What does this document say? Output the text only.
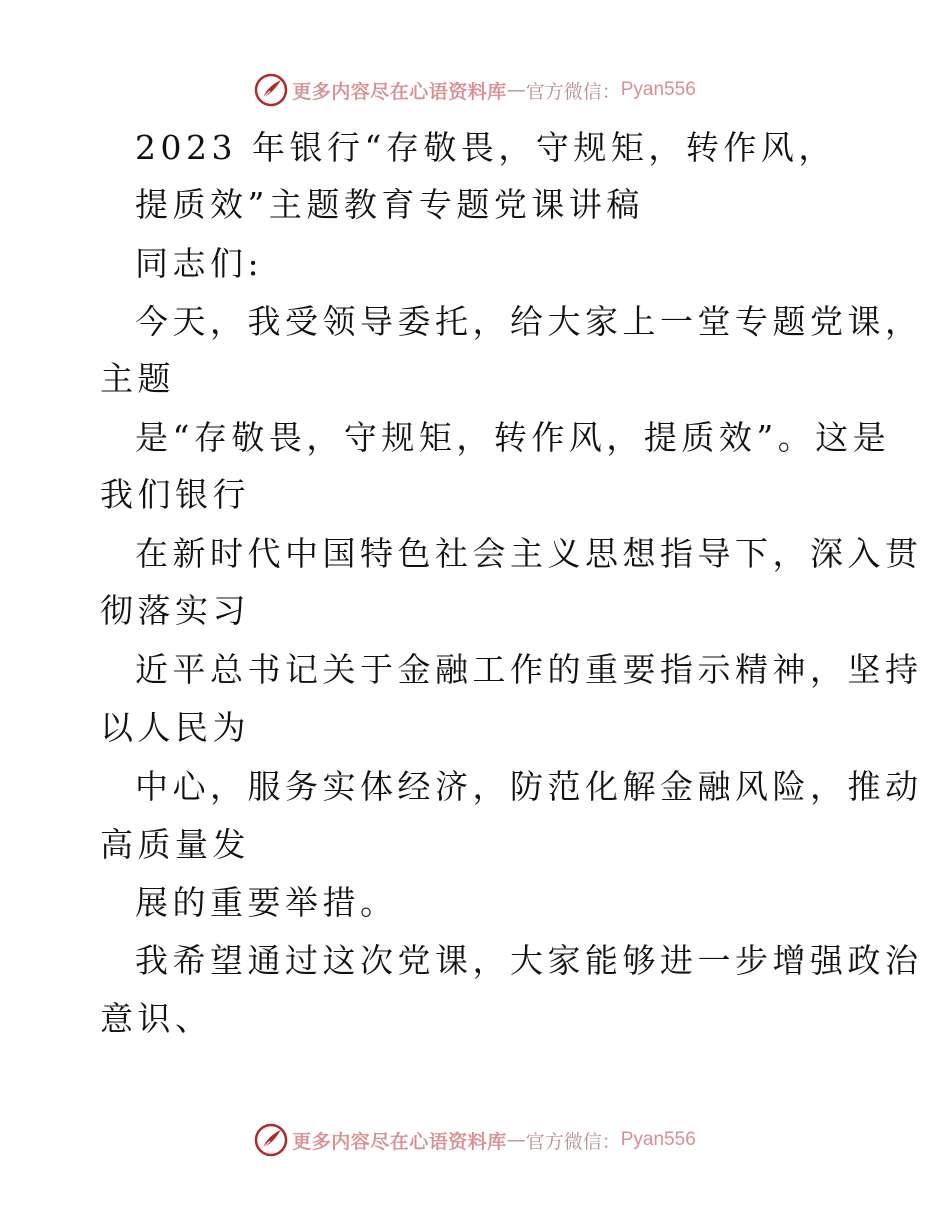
更多内容尽在心语资料库 — 官方微信： Pyan556
2023 年银行“存敬畏，守规矩，转作风，
提质效”主题教育专题党课讲稿
同志们:
今天，我受领导委托，给大家上一堂专题党课，
主题
是“存敬畏，守规矩，转作风，提质效”。这是
我们银行
在新时代中国特色社会主义思想指导下，深入贯
彻落实习
近平总书记关于金融工作的重要指示精神，坚持
以人民为
中心，服务实体经济，防范化解金融风险，推动
高质量发
展的重要举措。
我希望通过这次党课，大家能够进一步增强政治
意识、
更多内容尽在心语资料库 — 官方微信： Pyan556
